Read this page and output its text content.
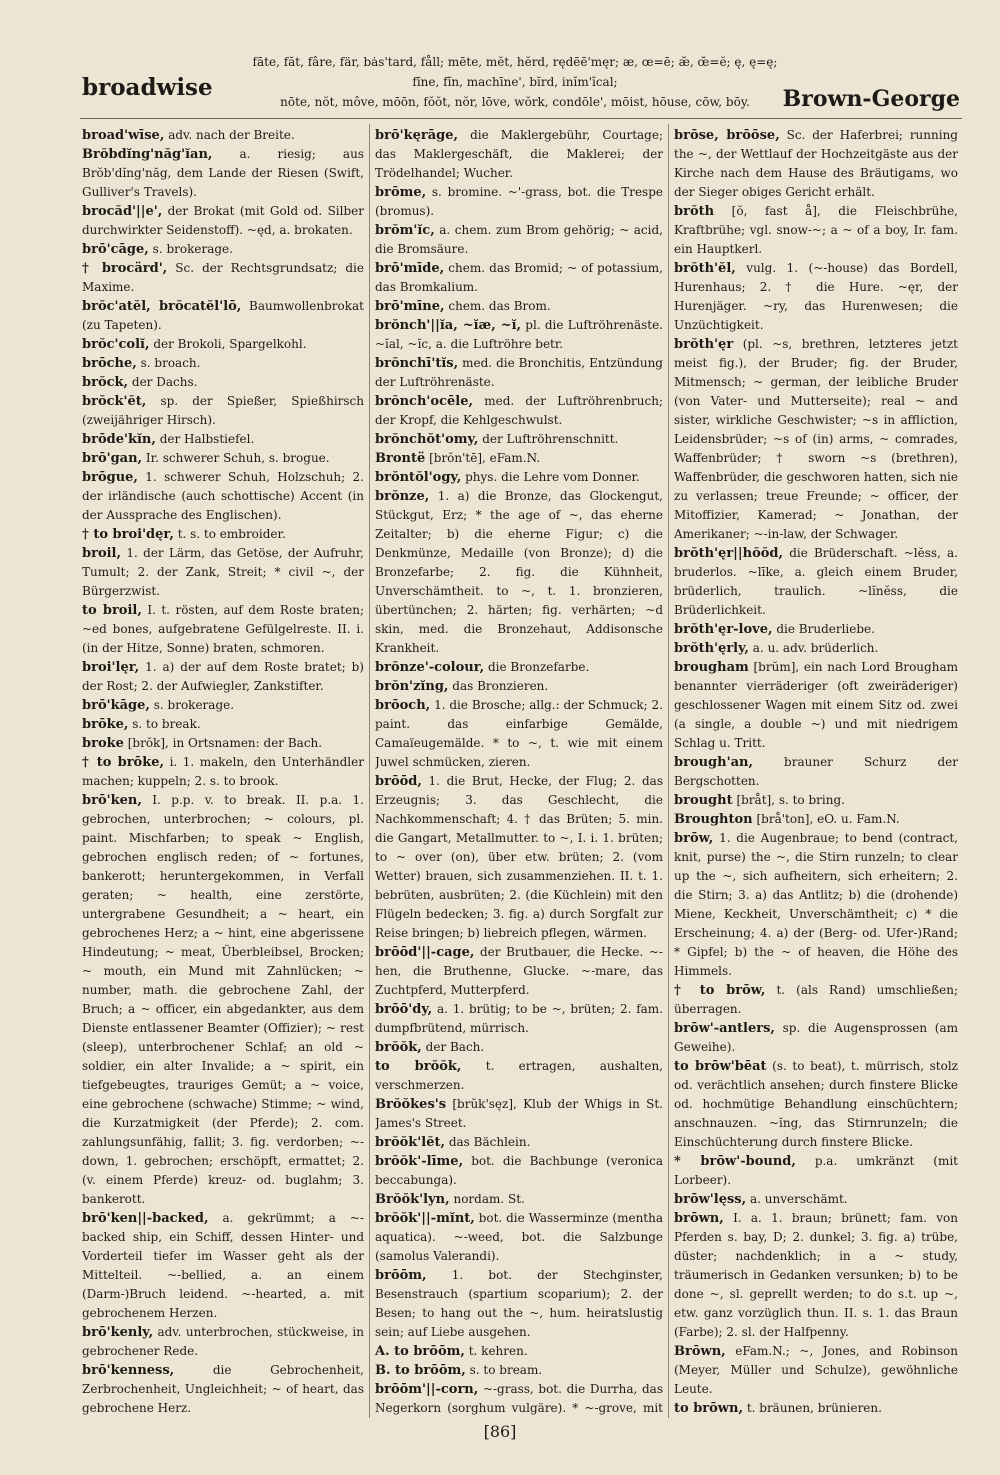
broadwise
fāte, făt, fâre, fär, bȧs'tard, fåll; mēte, mĕt, hĕrd, rędēē'męr; æ, œ=ē; æ̆, œ̆=ĕ; ę, ę=ę;
fīne, fĭn, machīne', bĭrd, inĭm'ĭcal;
nōte, nŏt, môve, mōōn, fŏŏt, nŏr, lōve, wŏrk, condōle', mōist, hōuse, cōw, bōy.	Brown-George

broad'wīse, adv. nach der Breite.

Brŏbdĭng'năg'ĭan, a. riesig; aus Brŏb'dĭng'năg, dem Lande der Riesen (Swift, Gulliver's Travels).

brocăd'||e', der Brokat (mit Gold od. Silber durchwirkter Seidenstoff). ~ęd, a. brokaten.

brō'cāge, s. brokerage.

† brocärd', Sc. der Rechtsgrundsatz; die Maxime.

brŏc'atĕl, brŏcatĕl'lō, Baumwollenbrokat (zu Tapeten).

brŏc'colĭ, der Brokoli, Spargelkohl.

brōche, s. broach.

brŏck, der Dachs.

brŏck'ĕt, sp. der Spießer, Spießhirsch (zweijähriger Hirsch).

brōde'kĭn, der Halbstiefel.

brō'gan, Ir. schwerer Schuh, s. brogue.

brōgue, 1. schwerer Schuh, Holzschuh; 2. der irländische (auch schottische) Accent (in der Aussprache des Englischen).

† to broi'dęr, t. s. to embroider.

broil, 1. der Lärm, das Getöse, der Aufruhr, Tumult; 2. der Zank, Streit; * civil ~, der Bürgerzwist.

to broil, I. t. rösten, auf dem Roste braten; ~ed bones, aufgebratene Gefülgelreste. II. i. (in der Hitze, Sonne) braten, schmoren.

broi'lęr, 1. a) der auf dem Roste bratet; b) der Rost; 2. der Aufwiegler, Zankstifter.

brō'kāge, s. brokerage.

brōke, s. to break.

broke [brŏk], in Ortsnamen: der Bach.

† to brōke, i. 1. makeln, den Unterhändler machen; kuppeln; 2. s. to brook.

brō'ken, I. p.p. v. to break. II. p.a. 1. gebrochen, unterbrochen; ~ colours, pl. paint. Mischfarben; to speak ~ English, gebrochen englisch reden; of ~ fortunes, bankerott; heruntergekommen, in Verfall geraten; ~ health, eine zerstörte, untergrabene Gesundheit; a ~ heart, ein gebrochenes Herz; a ~ hint, eine abgerissene Hindeutung; ~ meat, Überbleibsel, Brocken; ~ mouth, ein Mund mit Zahnlücken; ~ number, math. die gebrochene Zahl, der Bruch; a ~ officer, ein abgedankter, aus dem Dienste entlassener Beamter (Offizier); ~ rest (sleep), unterbrochener Schlaf; an old ~ soldier, ein alter Invalide; a ~ spirit, ein tiefgebeugtes, trauriges Gemüt; a ~ voice, eine gebrochene (schwache) Stimme; ~ wind, die Kurzatmigkeit (der Pferde); 2. com. zahlungsunfähig, fallit; 3. fig. verdorben; ~-down, 1. gebrochen; erschöpft, ermattet; 2. (v. einem Pferde) kreuz- od. buglahm; 3. bankerott.

brō'ken||-backed, a. gekrümmt; a ~-backed ship, ein Schiff, dessen Hinter- und Vorderteil tiefer im Wasser geht als der Mittelteil. ~-bellied, a. an einem (Darm-)Bruch leidend. ~-hearted, a. mit gebrochenem Herzen.

brō'kenly, adv. unterbrochen, stückweise, in gebrochener Rede.

brō'kenness,	die Gebrochenheit, Zerbrochenheit, Ungleichheit; ~ of heart, das gebrochene Herz.

brō'kęrāge, die Maklergebühr, Courtage; das Maklergeschäft, die Maklerei; der Trödelhandel; Wucher.

brōme, s. bromine. ~'-grass, bot. die Trespe (bromus).

brŏm'ĭc, a. chem. zum Brom gehörig; ~ acid, die Bromsäure.

brō'mīde, chem. das Bromid; ~ of potassium, das Bromkalium.

brō'mīne, chem. das Brom.

brŏnch'||ĭa, ~ĭæ, ~ĭ, pl. die Luftröhrenäste. ~ĭal, ~ĭc, a. die Luftröhre betr.

brŏnchī'tĭs, med. die Bronchitis, Entzündung der Luftröhrenäste.

brŏnch'ocēle, med. der Luftröhrenbruch; der Kropf, die Kehlgeschwulst.

brŏnchŏt'omy, der Luftröhrenschnitt.

Brontë [brŏn'tē], eFam.N.

brŏntŏl'ogy, phys. die Lehre vom Donner.

brŏnze, 1. a) die Bronze, das Glockengut, Stückgut, Erz; * the age of ~, das eherne Zeitalter; b) die eherne Figur; c) die Denkmünze, Medaille (von Bronze); d) die Bronzefarbe; 2. fig. die Kühnheit, Unverschämtheit. to ~, t. 1. bronzieren, übertünchen; 2. härten; fig. verhärten; ~d skin, med. die Bronzehaut, Addisonsche Krankheit.

brŏnze'-colour, die Bronzefarbe.

brŏn'zĭng, das Bronzieren.

brōoch, 1. die Brosche; allg.: der Schmuck; 2. paint. das einfarbige Gemälde, Camaïeugemälde. * to ~, t. wie mit einem Juwel schmücken, zieren.

brōōd, 1. die Brut, Hecke, der Flug; 2. das Erzeugnis; 3. das Geschlecht, die Nachkommenschaft; 4. † das Brüten; 5. min. die Gangart, Metallmutter. to ~, I. i. 1. brüten; to ~ over (on), über etw. brüten; 2. (vom Wetter) brauen, sich zusammenziehen. II. t. 1. bebrüten, ausbrüten; 2. (die Küchlein) mit den Flügeln bedecken; 3. fig. a) durch Sorgfalt zur Reise bringen; b) liebreich pflegen, wärmen.

brōōd'||-cage, der Brutbauer, die Hecke. ~-hen, die Bruthenne, Glucke. ~-mare, das Zuchtpferd, Mutterpferd.

brōō'dy, a. 1. brütig; to be ~, brüten; 2. fam. dumpfbrütend, mürrisch.

brŏŏk, der Bach.

to brŏŏk, t. ertragen, aushalten, verschmerzen.

Brŏŏkes's [brŭk'sęz], Klub der Whigs in St. James's Street.

brŏŏk'lĕt, das Bächlein.

brŏŏk'-līme, bot. die Bachbunge (veronica beccabunga).

Brŏŏk'lyn, nordam. St.

brŏŏk'||-mĭnt, bot. die Wasserminze (mentha aquatica). ~-weed, bot. die Salzbunge (samolus Valerandi).

brōōm, 1. bot. der Stechginster, Besenstrauch (spartium scoparium); 2. der Besen; to hang out the ~, hum. heiratslustig sein; auf Liebe ausgehen.

A. to brōōm, t. kehren.

B. to brōōm, s. to bream.

brōōm'||-corn, ~-grass, bot. die Durrha, das Negerkorn (sorghum vulgäre). * ~-grove, mit

brōse, brōōse, Sc. der Haferbrei; running the ~, der Wettlauf der Hochzeitgäste aus der Kirche nach dem Hause des Bräutigams, wo der Sieger obiges Gericht erhält.

brŏth [ŏ, fast å], die Fleischbrühe, Kraftbrühe; vgl. snow-~; a ~ of a boy, Ir. fam. ein Hauptkerl.

brŏth'ĕl, vulg. 1. (~-house) das Bordell, Hurenhaus; 2. † die Hure. ~ęr, der Hurenjäger. ~ry, das Hurenwesen; die Unzüchtigkeit.

brŏth'ęr (pl. ~s, brethren, letzteres jetzt meist fig.), der Bruder; fig. der Bruder, Mitmensch; ~ german, der leibliche Bruder (von Vater- und Mutterseite); real ~ and sister, wirkliche Geschwister; ~s in affliction, Leidensbrüder; ~s of (in) arms, ~ comrades, Waffenbrüder; † sworn ~s (brethren), Waffenbrüder, die geschworen hatten, sich nie zu verlassen; treue Freunde; ~ officer, der Mitoffizier, Kamerad; ~ Jonathan, der Amerikaner; ~-in-law, der Schwager.

brŏth'ęr||hŏŏd, die Brüderschaft. ~lĕss, a. bruderlos. ~līke, a. gleich einem Bruder, brüderlich, traulich. ~lĭnĕss, die Brüderlichkeit.

brŏth'ęr-love, die Bruderliebe.

brŏth'ęrly, a. u. adv. brüderlich.

brougham [brŭm], ein nach Lord Brougham benannter vierräderiger (oft zweiräderiger) geschlossener Wagen mit einem Sitz od. zwei (a single, a double ~) und mit niedrigem Schlag u. Tritt.

brough'an,	brauner Schurz der Bergschotten.

brought [bråt], s. to bring.

Broughton [brå'ton], eO. u. Fam.N.

brōw, 1. die Augenbraue; to bend (contract, knit, purse) the ~, die Stirn runzeln; to clear up the ~, sich aufheitern, sich erheitern; 2. die Stirn; 3. a) das Antlitz; b) die (drohende) Miene, Keckheit, Unverschämtheit; c) * die Erscheinung; 4. a) der (Berg- od. Ufer-)Rand; * Gipfel; b) the ~ of heaven, die Höhe des Himmels.

† to brōw, t. (als Rand) umschließen; überragen.

brōw'-antlers, sp. die Augensprossen (am Geweihe).

to brōw'bēat (s. to beat), t. mürrisch, stolz od. verächtlich ansehen; durch finstere Blicke od. hochmütige Behandlung einschüchtern; anschnauzen. ~ĭng, das Stirnrunzeln; die Einschüchterung durch finstere Blicke.

* brōw'-bound, p.a. umkränzt (mit Lorbeer).

brōw'lęss, a. unverschämt.

brōwn, I. a. 1. braun; brünett; fam. von Pferden s. bay, D; 2. dunkel; 3. fig. a) trübe, düster; nachdenklich; in a ~ study, träumerisch in Gedanken versunken; b) to be done ~, sl. geprellt werden; to do s.t. up ~, etw. ganz vorzüglich thun. II. s. 1. das Braun (Farbe); 2. sl. der Halfpenny.

Brōwn, eFam.N.; ~, Jones, and Robinson (Meyer, Müller und Schulze), gewöhnliche Leute.

to brōwn, t. bräunen, brünieren.

[86]
